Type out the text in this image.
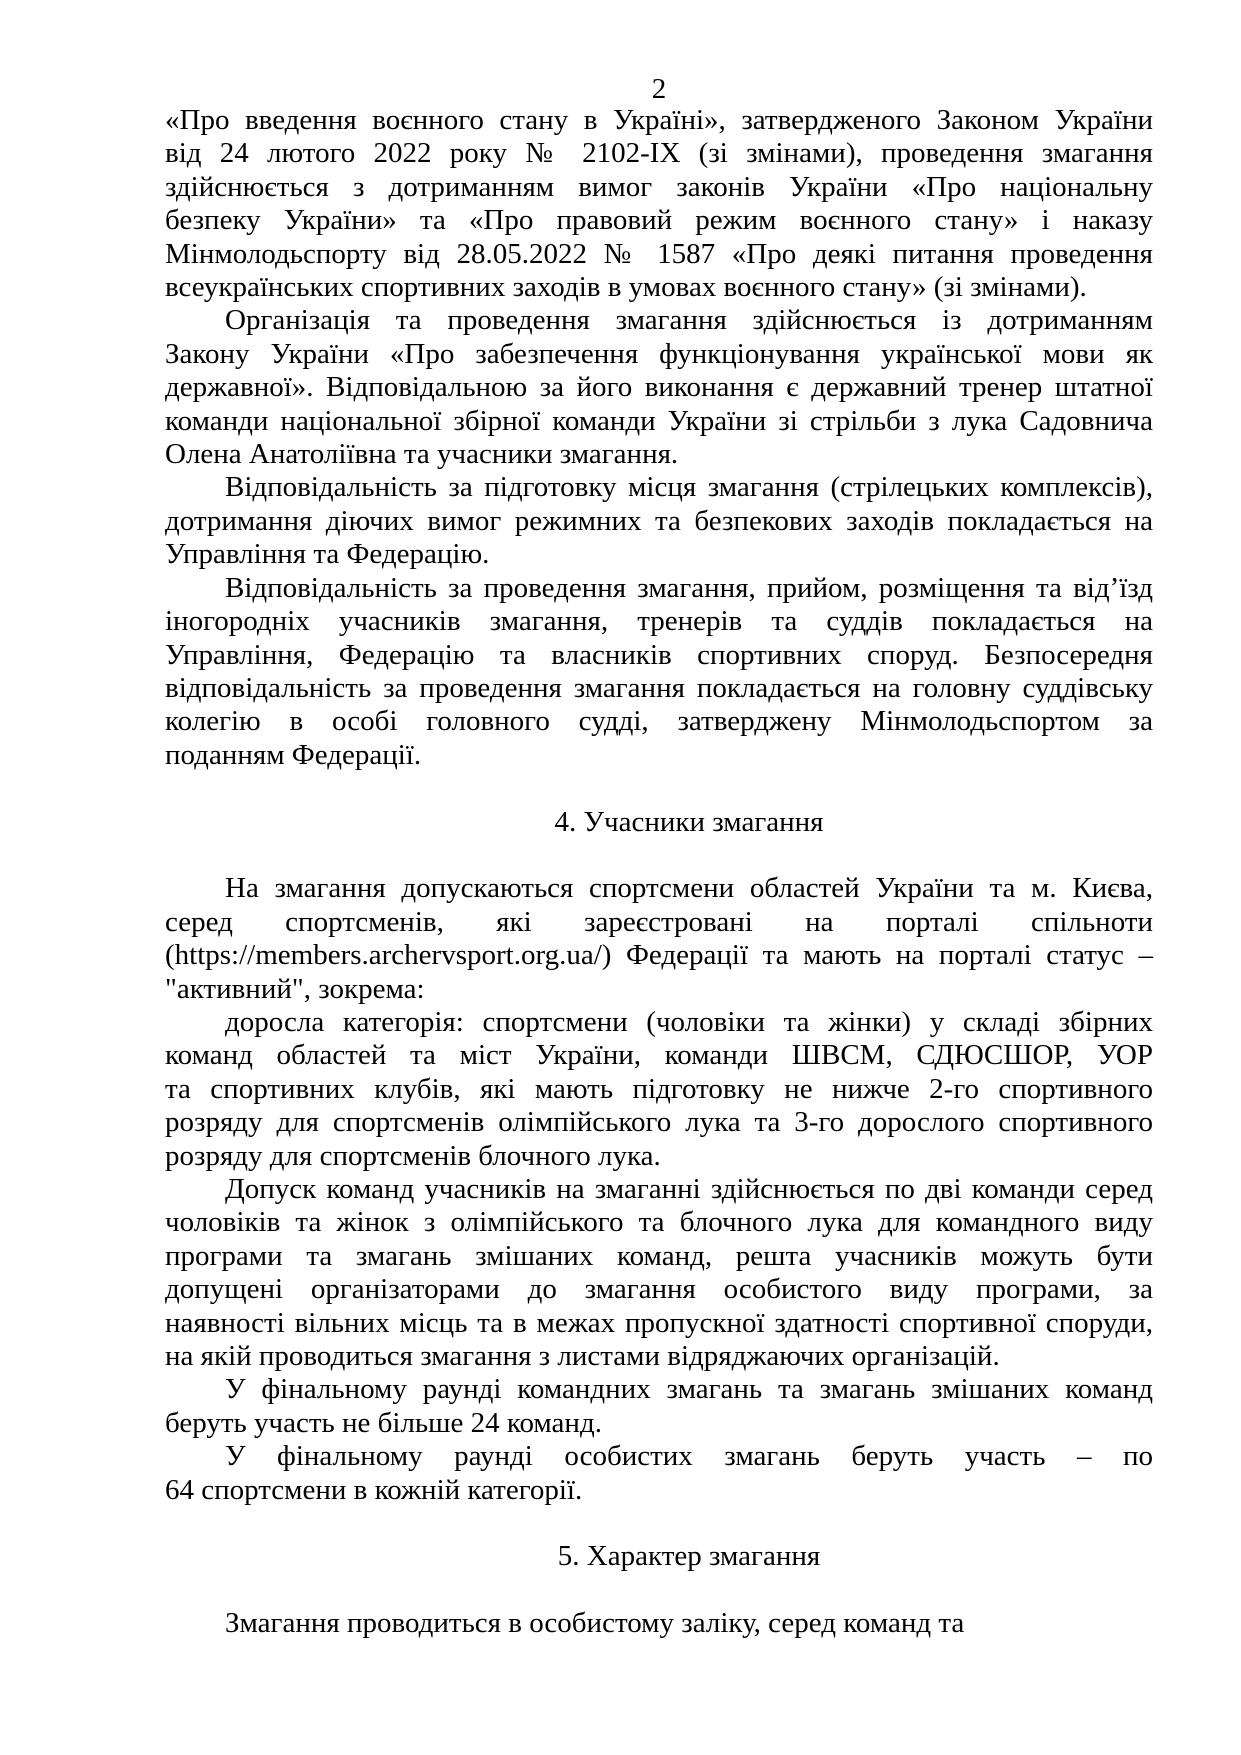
2
«Про введення воєнного стану в Україні», затвердженого Законом України
від 24 лютого 2022 року № 2102-IX (зі змінами), проведення змагання
здійснюється з дотриманням вимог законів України «Про національну
безпеку України» та «Про правовий режим воєнного стану» і наказу
Мінмолодьспорту від 28.05.2022 № 1587 «Про деякі питання проведення
всеукраїнських спортивних заходів в умовах воєнного стану» (зі змінами).
Організація та проведення змагання здійснюється із дотриманням
Закону України «Про забезпечення функціонування української мови як
державної». Відповідальною за його виконання є державний тренер штатної
команди національної збірної команди України зі стрільби з лука Садовнича
Олена Анатоліївна та учасники змагання.
Відповідальність за підготовку місця змагання (стрілецьких комплексів),
дотримання діючих вимог режимних та безпекових заходів покладається на
Управління та Федерацію.
Відповідальність за проведення змагання, прийом, розміщення та від’їзд
іногородніх учасників змагання, тренерів та суддів покладається на
Управління, Федерацію та власників спортивних споруд. Безпосередня
відповідальність за проведення змагання покладається на головну суддівську
колегію в особі головного судді, затверджену Мінмолодьспортом за
поданням Федерації.
4. Учасники змагання
На змагання допускаються спортсмени областей України та м. Києва,
серед спортсменів, які зареєстровані на порталі спільноти
(https://members.archervsport.org.ua/) Федерації та мають на порталі статус –
"активний", зокрема:
доросла категорія: спортсмени (чоловіки та жінки) у складі збірних
команд областей та міст України, команди ШВСМ, СДЮСШОР, УОР
та спортивних клубів, які мають підготовку не нижче 2-го спортивного
розряду для спортсменів олімпійського лука та 3-го дорослого спортивного
розряду для спортсменів блочного лука.
Допуск команд учасників на змаганні здійснюється по дві команди серед
чоловіків та жінок з олімпійського та блочного лука для командного виду
програми та змагань змішаних команд, решта учасників можуть бути
допущені організаторами до змагання особистого виду програми, за
наявності вільних місць та в межах пропускної здатності спортивної споруди,
на якій проводиться змагання з листами відряджаючих організацій.
У фінальному раунді командних змагань та змагань змішаних команд
беруть участь не більше 24 команд.
У фінальному раунді особистих змагань беруть участь – по
64 спортсмени в кожній категорії.
5. Характер змагання
Змагання проводиться в особистому заліку, серед команд та
